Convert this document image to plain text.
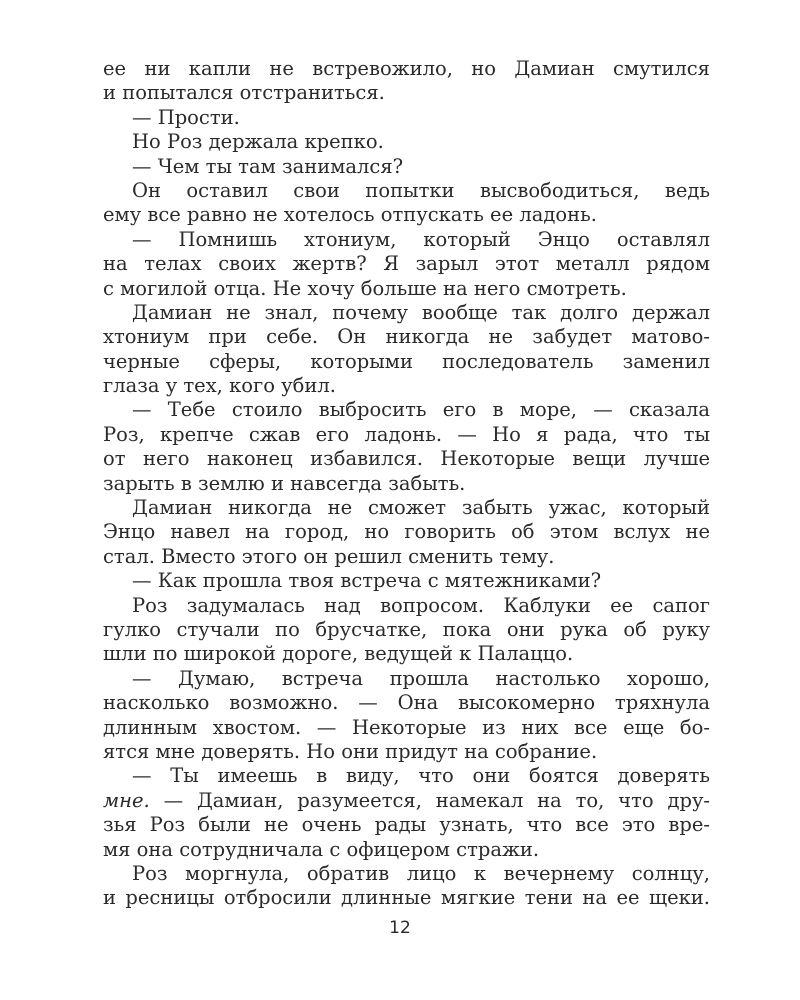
ее ни капли не встревожило, но Дамиан смутился
и попытался отстраниться.
— Прости.
Но Роз держала крепко.
— Чем ты там занимался?
Он оставил свои попытки высвободиться, ведь
ему все равно не хотелось отпускать ее ладонь.
— Помнишь хтониум, который Энцо оставлял
на телах своих жертв? Я зарыл этот металл рядом
с могилой отца. Не хочу больше на него смотреть.
Дамиан не знал, почему вообще так долго держал
хтониум при себе. Он никогда не забудет матово-
черные сферы, которыми последователь заменил
глаза у тех, кого убил.
— Тебе стоило выбросить его в море, — сказала
Роз, крепче сжав его ладонь. — Но я рада, что ты
от него наконец избавился. Некоторые вещи лучше
зарыть в землю и навсегда забыть.
Дамиан никогда не сможет забыть ужас, который
Энцо навел на город, но говорить об этом вслух не
стал. Вместо этого он решил сменить тему.
— Как прошла твоя встреча с мятежниками?
Роз задумалась над вопросом. Каблуки ее сапог
гулко стучали по брусчатке, пока они рука об руку
шли по широкой дороге, ведущей к Палаццо.
— Думаю, встреча прошла настолько хорошо,
насколько возможно. — Она высокомерно тряхнула
длинным хвостом. — Некоторые из них все еще бо-
ятся мне доверять. Но они придут на собрание.
— Ты имеешь в виду, что они боятся доверять
мне. — Дамиан, разумеется, намекал на то, что дру-
зья Роз были не очень рады узнать, что все это вре-
мя она сотрудничала с офицером стражи.
Роз моргнула, обратив лицо к вечернему солнцу,
и ресницы отбросили длинные мягкие тени на ее щеки.
12
